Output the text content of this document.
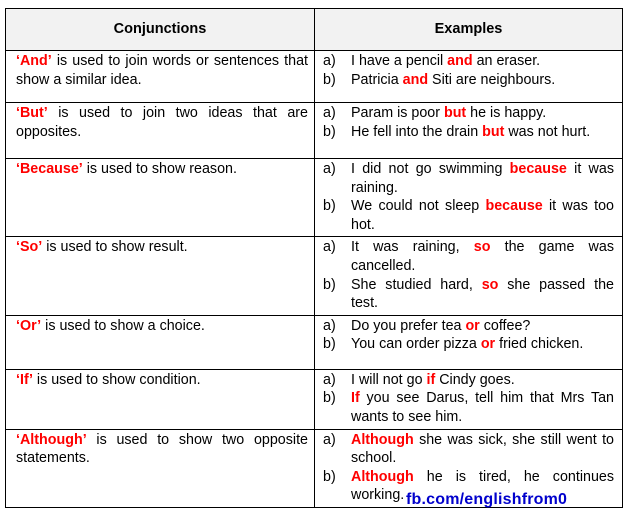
Conjunctions	Examples
‘And’ is used to join words or sentences that show a similar idea.	a) I have a pencil and an eraser.
b) Patricia and Siti are neighbours.

‘But’ is used to join two ideas that are opposites.	a) Param is poor but he is happy.
b) He fell into the drain but was not hurt.

‘Because’ is used to show reason.	a) I did not go swimming because it was raining.
b) We could not sleep because it was too hot.

‘So’ is used to show result.	a) It was raining, so the game was cancelled.
b) She studied hard, so she passed the test.

‘Or’ is used to show a choice.	a) Do you prefer tea or coffee?
b) You can order pizza or fried chicken.

‘If’ is used to show condition.	a) I will not go if Cindy goes.
b) If you see Darus, tell him that Mrs Tan wants to see him.

‘Although’ is used to show two opposite statements.	a) Although she was sick, she still went to school.
b) Although he is tired, he continues working. fb.com/englishfrom0
